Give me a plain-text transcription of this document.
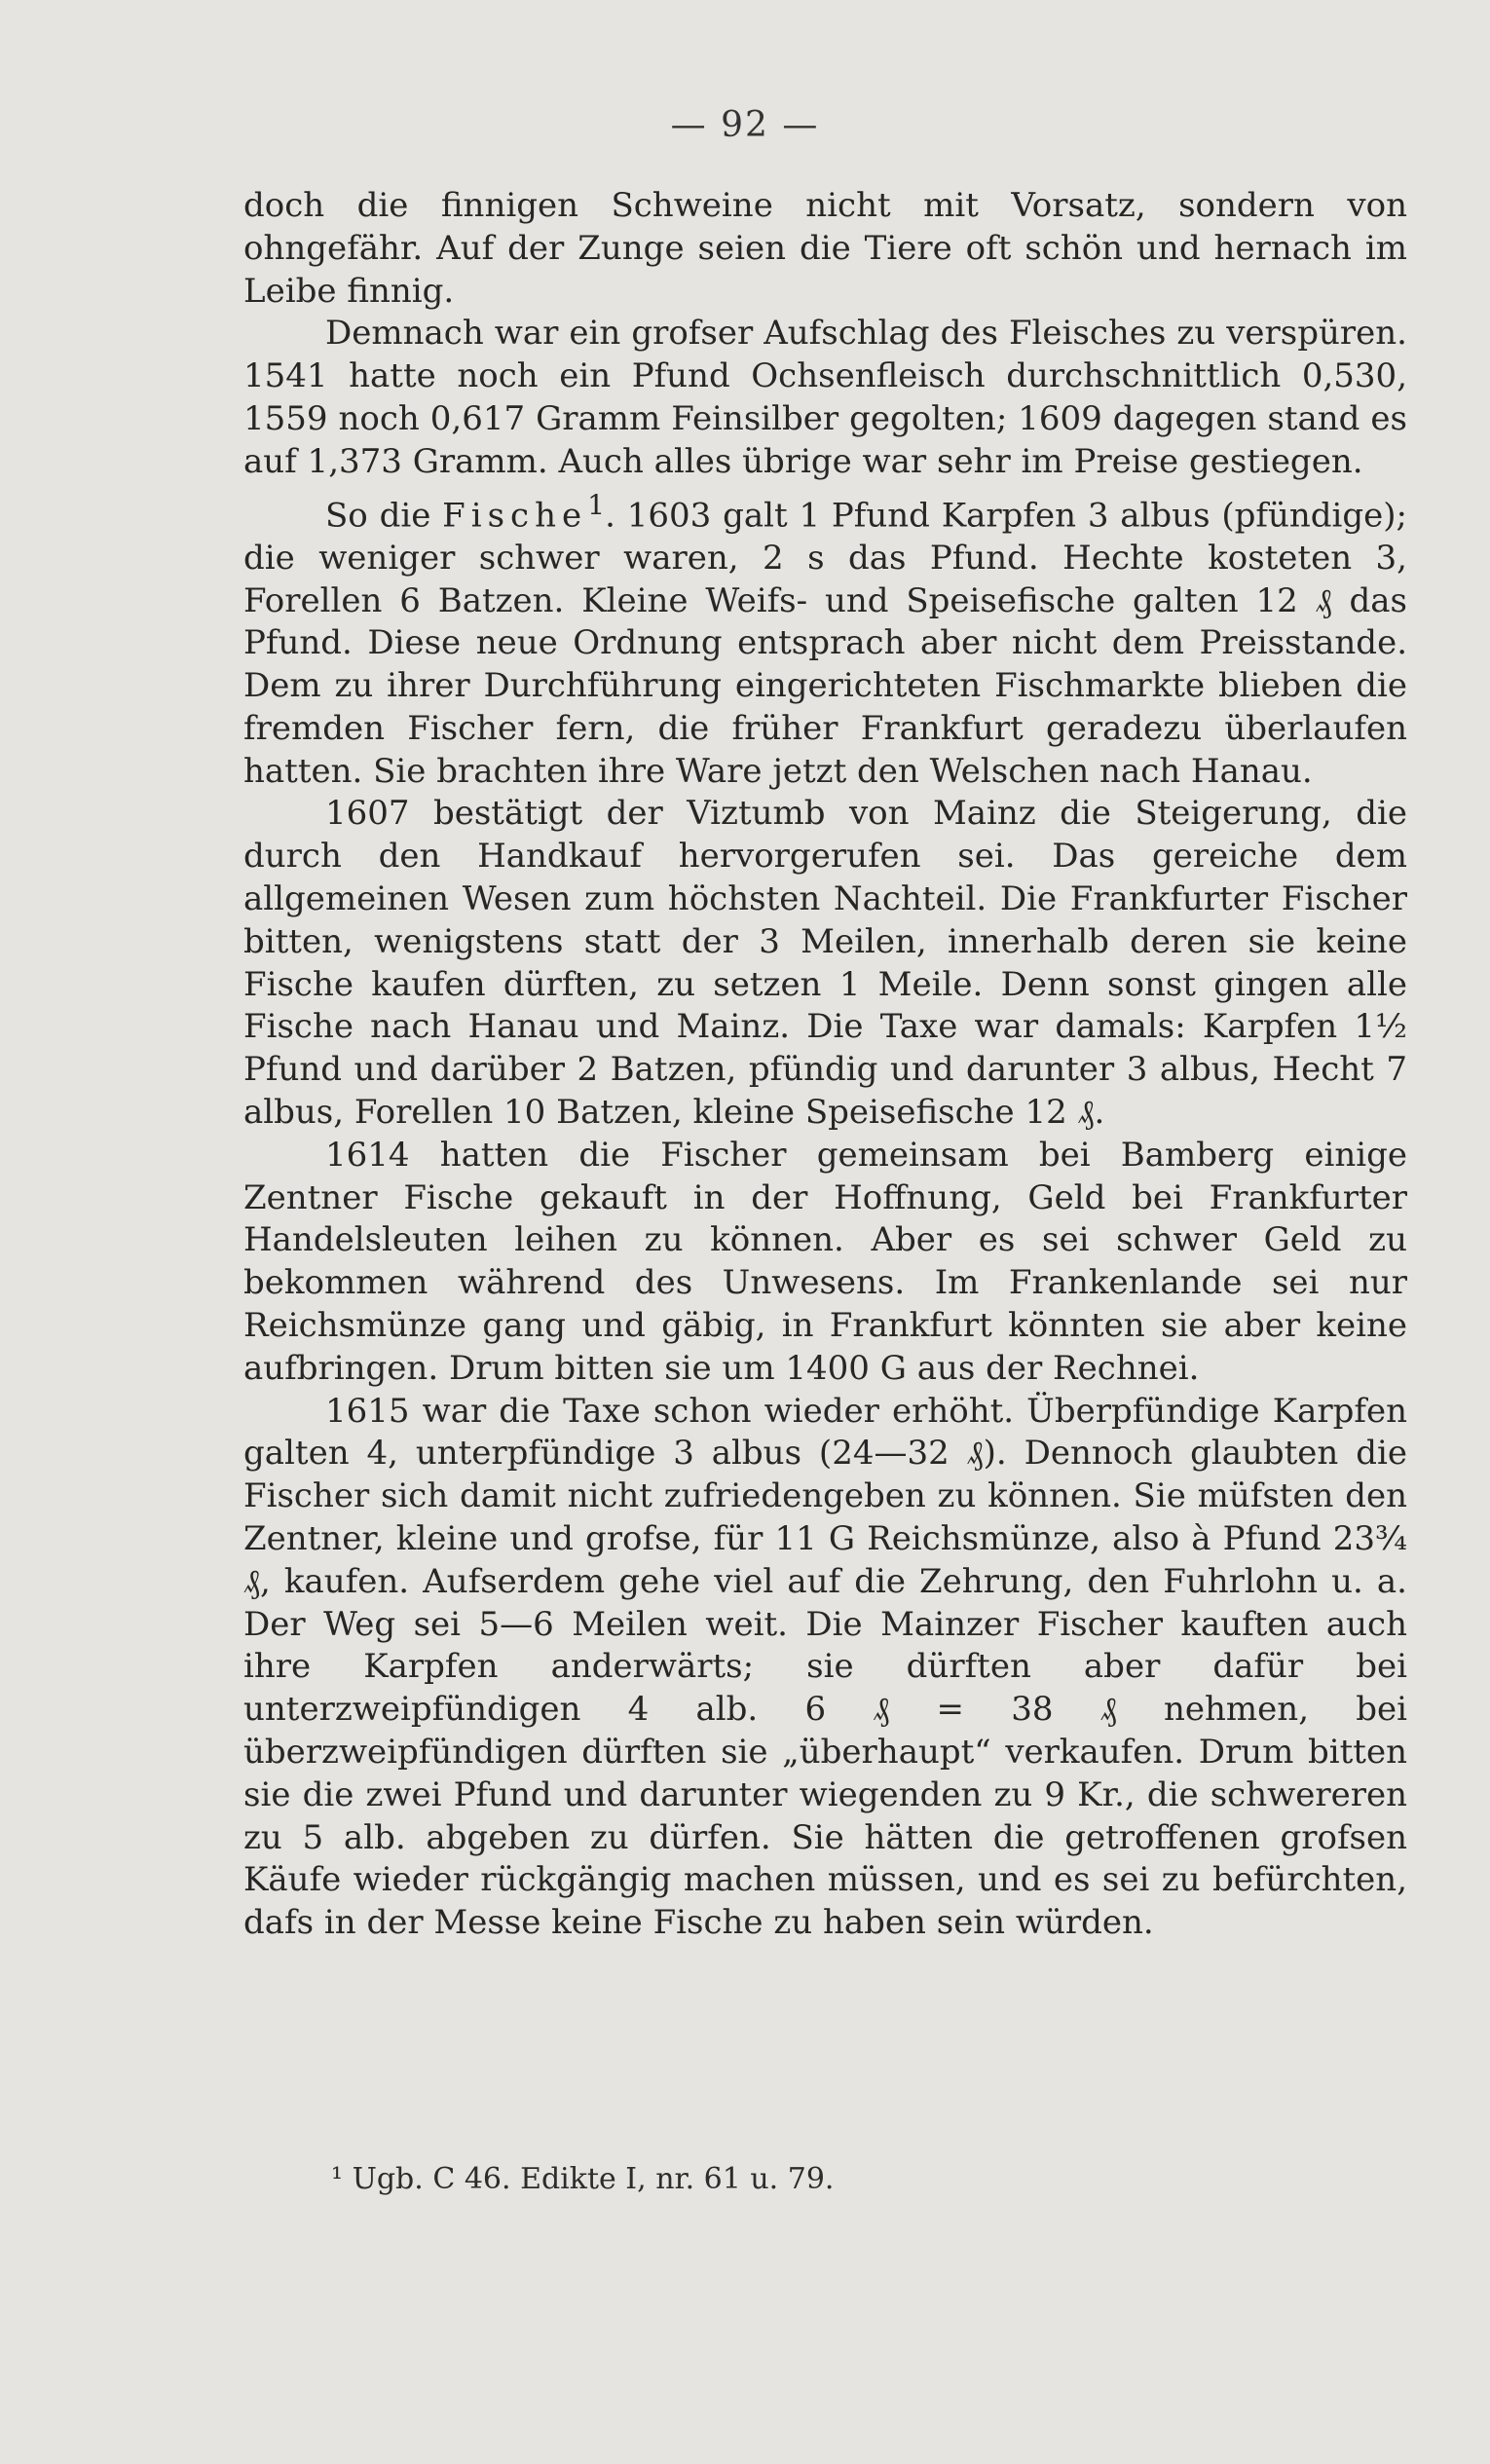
— 92 —

doch die finnigen Schweine nicht mit Vorsatz, sondern von ohngefähr. Auf der Zunge seien die Tiere oft schön und hernach im Leibe finnig.

Demnach war ein grofser Aufschlag des Fleisches zu verspüren. 1541 hatte noch ein Pfund Ochsenfleisch durchschnittlich 0,530, 1559 noch 0,617 Gramm Feinsilber gegolten; 1609 dagegen stand es auf 1,373 Gramm. Auch alles übrige war sehr im Preise gestiegen.

So die Fische$^1$. 1603 galt 1 Pfund Karpfen 3 albus (pfündige); die weniger schwer waren, 2 s das Pfund. Hechte kosteten 3, Forellen 6 Batzen. Kleine Weifs- und Speisefische galten 12 ₰ das Pfund. Diese neue Ordnung entsprach aber nicht dem Preisstande. Dem zu ihrer Durchführung eingerichteten Fischmarkte blieben die fremden Fischer fern, die früher Frankfurt geradezu überlaufen hatten. Sie brachten ihre Ware jetzt den Welschen nach Hanau.

1607 bestätigt der Viztumb von Mainz die Steigerung, die durch den Handkauf hervorgerufen sei. Das gereiche dem allgemeinen Wesen zum höchsten Nachteil. Die Frankfurter Fischer bitten, wenigstens statt der 3 Meilen, innerhalb deren sie keine Fische kaufen dürften, zu setzen 1 Meile. Denn sonst gingen alle Fische nach Hanau und Mainz. Die Taxe war damals: Karpfen 1½ Pfund und darüber 2 Batzen, pfündig und darunter 3 albus, Hecht 7 albus, Forellen 10 Batzen, kleine Speisefische 12 ₰.

1614 hatten die Fischer gemeinsam bei Bamberg einige Zentner Fische gekauft in der Hoffnung, Geld bei Frankfurter Handelsleuten leihen zu können. Aber es sei schwer Geld zu bekommen während des Unwesens. Im Frankenlande sei nur Reichsmünze gang und gäbig, in Frankfurt könnten sie aber keine aufbringen. Drum bitten sie um 1400 G aus der Rechnei.

1615 war die Taxe schon wieder erhöht. Überpfündige Karpfen galten 4, unterpfündige 3 albus (24—32 ₰). Dennoch glaubten die Fischer sich damit nicht zufriedengeben zu können. Sie müfsten den Zentner, kleine und grofse, für 11 G Reichsmünze, also à Pfund 23¾ ₰, kaufen. Aufserdem gehe viel auf die Zehrung, den Fuhrlohn u. a. Der Weg sei 5—6 Meilen weit. Die Mainzer Fischer kauften auch ihre Karpfen anderwärts; sie dürften aber dafür bei unterzweipfündigen 4 alb. 6 ₰ = 38 ₰ nehmen, bei überzweipfündigen dürften sie „überhaupt“ verkaufen. Drum bitten sie die zwei Pfund und darunter wiegenden zu 9 Kr., die schwereren zu 5 alb. abgeben zu dürfen. Sie hätten die getroffenen grofsen Käufe wieder rückgängig machen müssen, und es sei zu befürchten, dafs in der Messe keine Fische zu haben sein würden.

¹ Ugb. C 46. Edikte I, nr. 61 u. 79.
